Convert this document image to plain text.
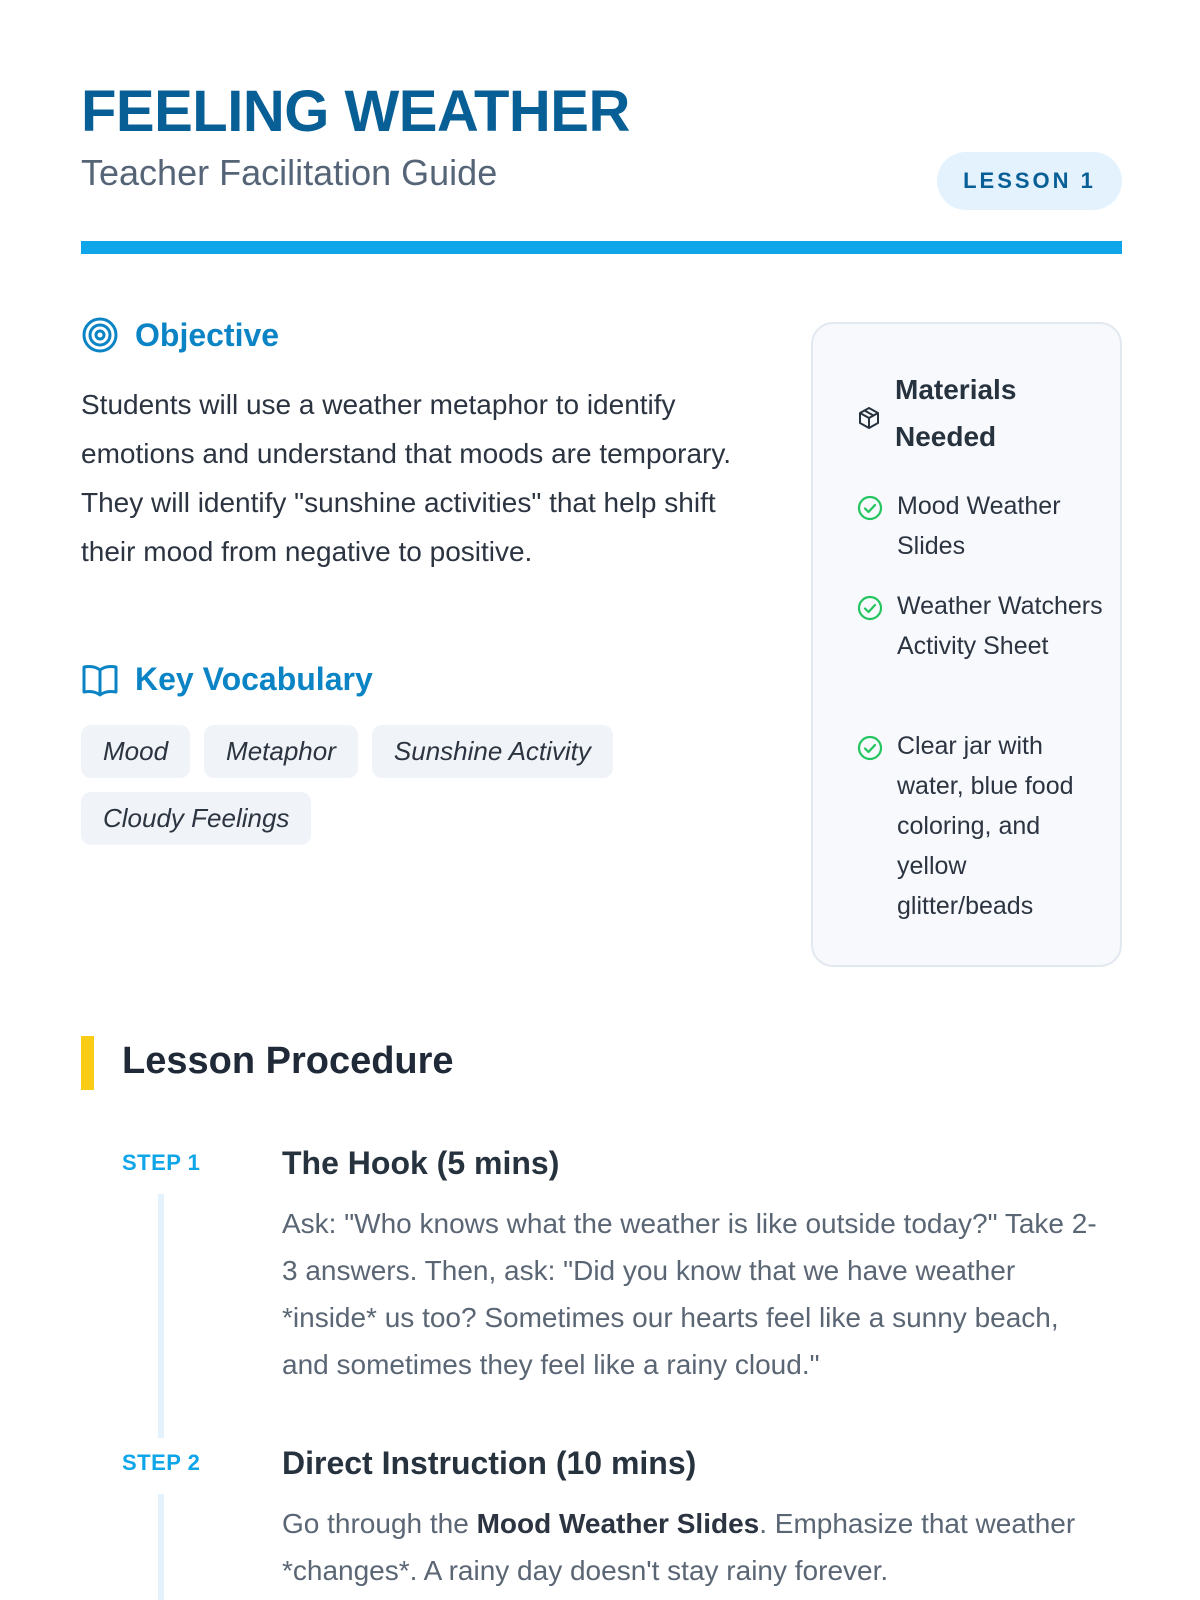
FEELING WEATHER
Teacher Facilitation Guide	LESSON 1
Objective

Students will use a weather metaphor to identify emotions and understand that moods are temporary. They will identify "sunshine activities" that help shift their mood from negative to positive.

Key Vocabulary
Mood	Metaphor	Sunshine Activity
Cloudy Feelings
Materials Needed
Mood Weather Slides
Weather Watchers Activity Sheet
Clear jar with water, blue food coloring, and yellow glitter/beads
Lesson Procedure
STEP 1	The Hook (5 mins)

Ask: "Who knows what the weather is like outside today?" Take 2-3 answers. Then, ask: "Did you know that we have weather *inside* us too? Sometimes our hearts feel like a sunny beach, and sometimes they feel like a rainy cloud."

STEP 2	Direct Instruction (10 mins)

Go through the Mood Weather Slides. Emphasize that weather *changes*. A rainy day doesn't stay rainy forever.
